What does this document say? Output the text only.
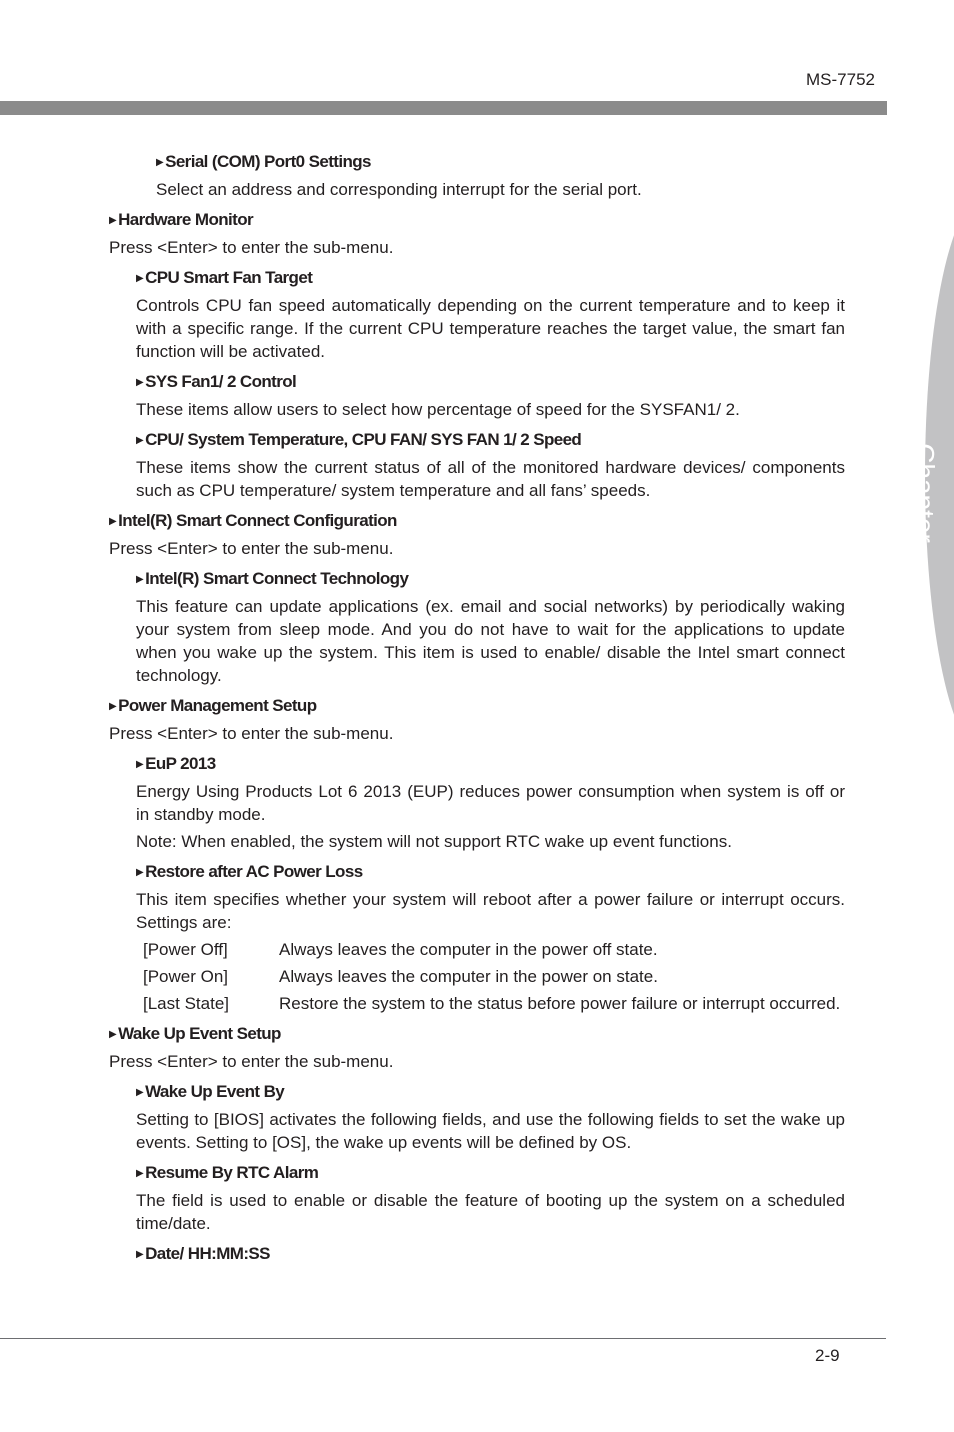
MS-7752
Chapter 2
▶ Serial (COM) Port0 Settings

Select an address and corresponding interrupt for the serial port.

▶ Hardware Monitor

Press <Enter> to enter the sub-menu.

▶ CPU Smart Fan Target

Controls CPU fan speed automatically depending on the current temperature and to keep it with a specific range. If the current CPU temperature reaches the target value, the smart fan function will be activated.

▶ SYS Fan1/ 2 Control

These items allow users to select how percentage of speed for the SYSFAN1/ 2.

▶ CPU/ System Temperature, CPU FAN/ SYS FAN 1/ 2 Speed

These items show the current status of all of the monitored hardware devices/ components such as CPU temperature/ system temperature and all fans’ speeds.

▶ Intel(R) Smart Connect Configuration

Press <Enter> to enter the sub-menu.

▶ Intel(R) Smart Connect Technology

This feature can update applications (ex. email and social networks) by periodically waking your system from sleep mode. And you do not have to wait for the applications to update when you wake up the system. This item is used to enable/ disable the Intel smart connect technology.

▶ Power Management Setup

Press <Enter> to enter the sub-menu.

▶ EuP 2013

Energy Using Products Lot 6 2013 (EUP) reduces power consumption when system is off or in standby mode.

Note: When enabled, the system will not support RTC wake up event functions.

▶ Restore after AC Power Loss

This item specifies whether your system will reboot after a power failure or interrupt occurs. Settings are:

[Power Off]	Always leaves the computer in the power off state.
[Power On]	Always leaves the computer in the power on state.
[Last State]	Restore the system to the status before power failure or interrupt occurred.
▶ Wake Up Event Setup

Press <Enter> to enter the sub-menu.

▶ Wake Up Event By

Setting to [BIOS] activates the following fields, and use the following fields to set the wake up events. Setting to [OS], the wake up events will be defined by OS.

▶ Resume By RTC Alarm

The field is used to enable or disable the feature of booting up the system on a scheduled time/date.

▶ Date/ HH:MM:SS
2-9
